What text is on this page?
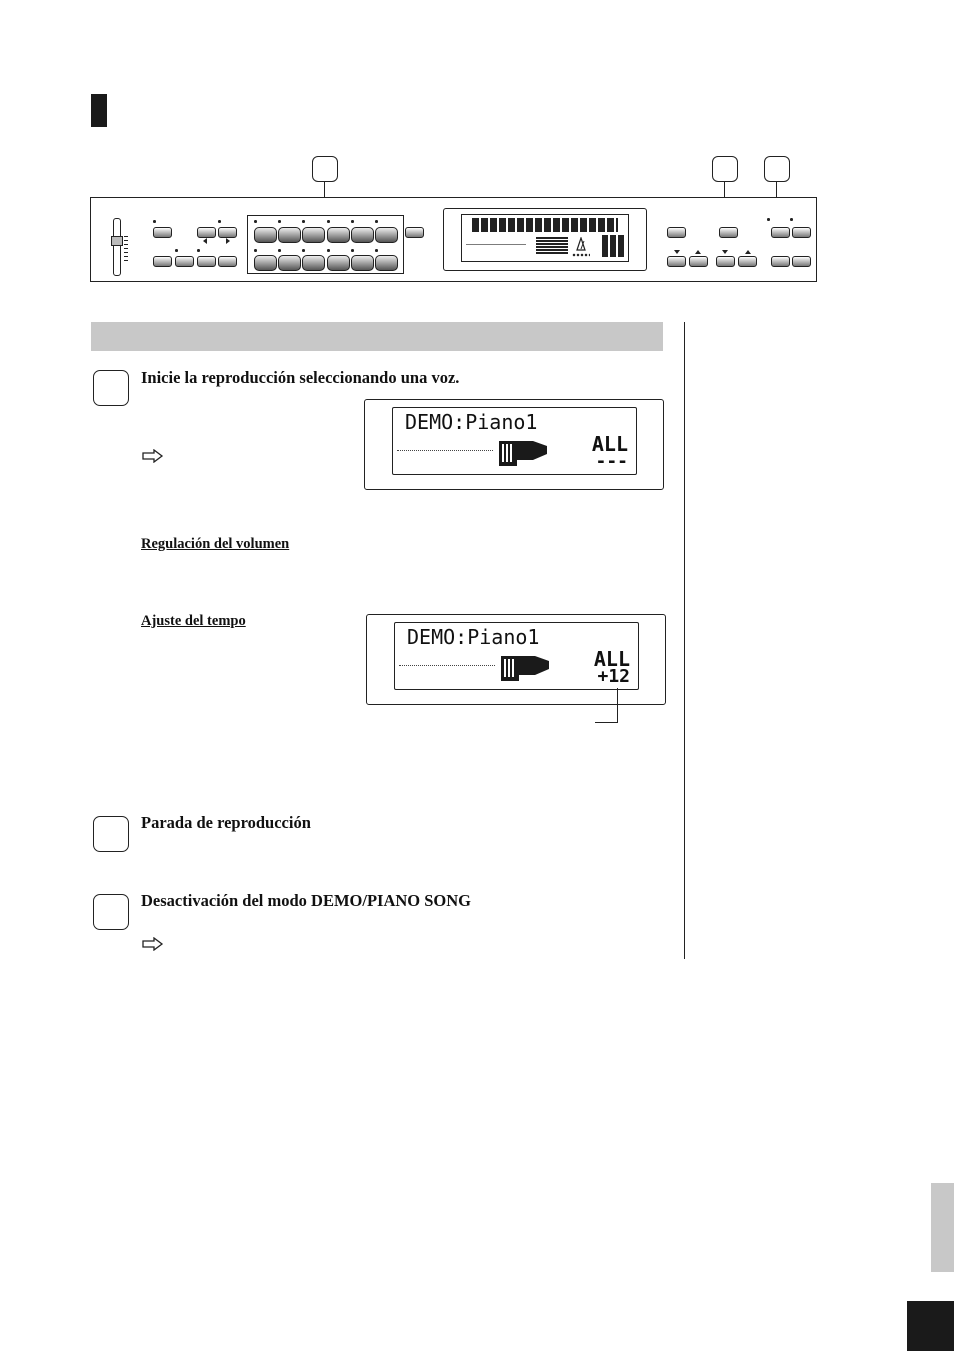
Inicie la reproducción seleccionando una voz.
DEMO:Piano1
ALL
---
Regulación del volumen
Ajuste del tempo
DEMO:Piano1
ALL
+12
Parada de reproducción
Desactivación del modo DEMO/PIANO SONG
